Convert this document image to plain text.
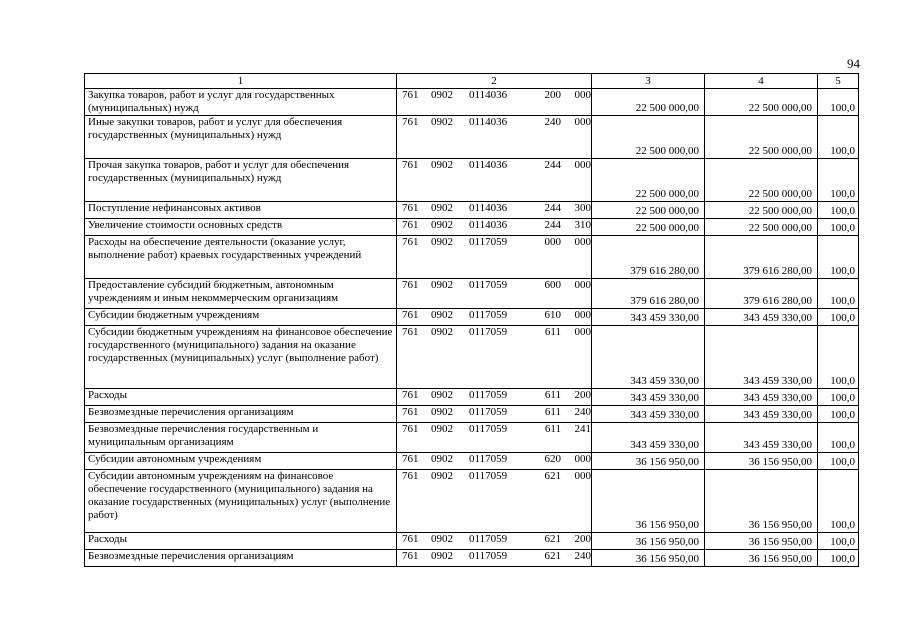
94
1	2	3	4	5
Закупка товаров, работ и услуг для государственных (муниципальных) нужд	761 0902 0114036 200 000	22 500 000,00	22 500 000,00	100,0
Иные закупки товаров, работ и услуг для обеспечения государственных (муниципальных) нужд	761 0902 0114036 240 000	22 500 000,00	22 500 000,00	100,0
Прочая закупка товаров, работ и услуг для обеспечения государственных (муниципальных) нужд	761 0902 0114036 244 000	22 500 000,00	22 500 000,00	100,0
Поступление нефинансовых активов	761 0902 0114036 244 300	22 500 000,00	22 500 000,00	100,0
Увеличение стоимости основных средств	761 0902 0114036 244 310	22 500 000,00	22 500 000,00	100,0
Расходы на обеспечение деятельности (оказание услуг, выполнение работ) краевых государственных учреждений	761 0902 0117059 000 000	379 616 280,00	379 616 280,00	100,0
Предоставление субсидий бюджетным, автономным учреждениям и иным некоммерческим организациям	761 0902 0117059 600 000	379 616 280,00	379 616 280,00	100,0
Субсидии бюджетным учреждениям	761 0902 0117059 610 000	343 459 330,00	343 459 330,00	100,0
Субсидии бюджетным учреждениям на финансовое обеспечение государственного (муниципального) задания на оказание государственных (муниципальных) услуг (выполнение работ)	761 0902 0117059 611 000	343 459 330,00	343 459 330,00	100,0
Расходы	761 0902 0117059 611 200	343 459 330,00	343 459 330,00	100,0
Безвозмездные перечисления организациям	761 0902 0117059 611 240	343 459 330,00	343 459 330,00	100,0
Безвозмездные перечисления государственным и муниципальным организациям	761 0902 0117059 611 241	343 459 330,00	343 459 330,00	100,0
Субсидии автономным учреждениям	761 0902 0117059 620 000	36 156 950,00	36 156 950,00	100,0
Субсидии автономным учреждениям на финансовое обеспечение государственного (муниципального) задания на оказание государственных (муниципальных) услуг (выполнение работ)	761 0902 0117059 621 000	36 156 950,00	36 156 950,00	100,0
Расходы	761 0902 0117059 621 200	36 156 950,00	36 156 950,00	100,0
Безвозмездные перечисления организациям	761 0902 0117059 621 240	36 156 950,00	36 156 950,00	100,0
